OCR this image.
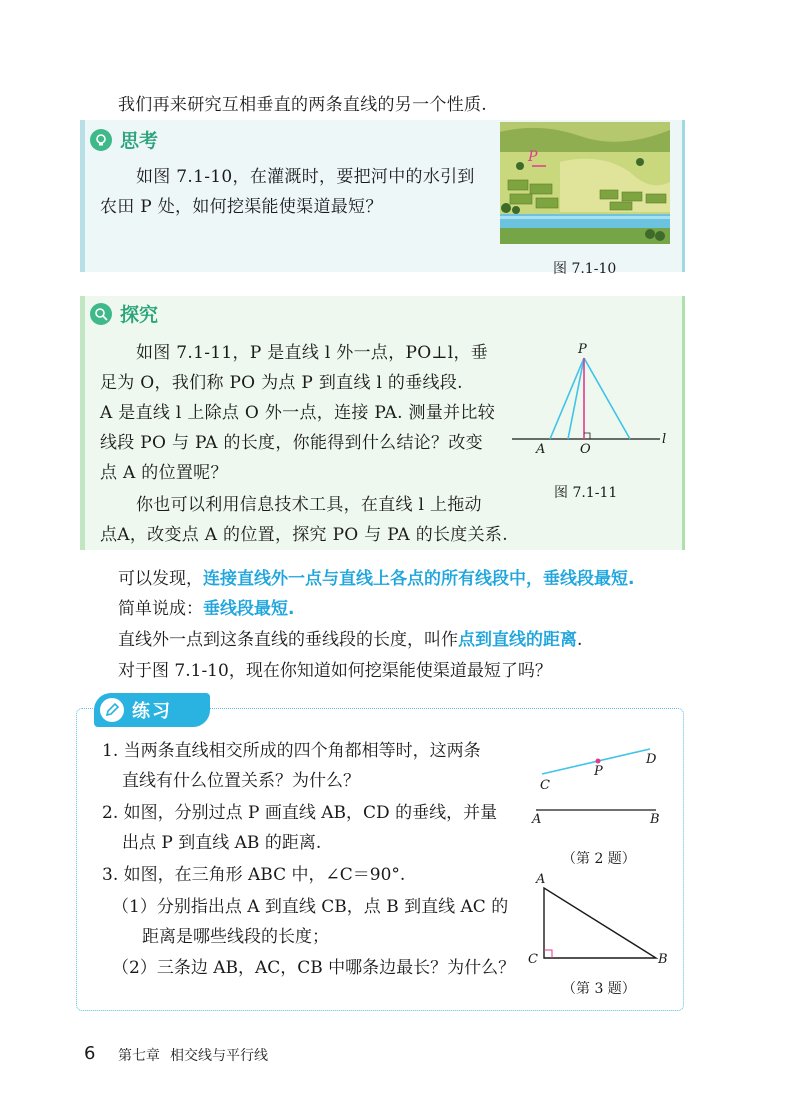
我们再来研究互相垂直的两条直线的另一个性质.
思考
如图 7.1-10，在灌溉时，要把河中的水引到
农田 P 处，如何挖渠能使渠道最短？
P
图 7.1-10
探究
如图 7.1-11，P 是直线 l 外一点，PO⊥l，垂
足为 O，我们称 PO 为点 P 到直线 l 的垂线段.
A 是直线 l 上除点 O 外一点，连接 PA. 测量并比较
线段 PO 与 PA 的长度，你能得到什么结论？改变
点 A 的位置呢？
你也可以利用信息技术工具，在直线 l 上拖动
点A，改变点 A 的位置，探究 PO 与 PA 的长度关系.
P
A	O
l
图 7.1-11
可以发现，连接直线外一点与直线上各点的所有线段中，垂线段最短.
简单说成：垂线段最短.
直线外一点到这条直线的垂线段的长度，叫作点到直线的距离.
对于图 7.1-10，现在你知道如何挖渠能使渠道最短了吗？
练习
1. 当两条直线相交所成的四个角都相等时，这两条
直线有什么位置关系？为什么？
2. 如图，分别过点 P 画直线 AB，CD 的垂线，并量
出点 P 到直线 AB 的距离.
3. 如图，在三角形 ABC 中，∠C＝90°.
（1）分别指出点 A 到直线 CB，点 B 到直线 AC 的
距离是哪些线段的长度；
（2）三条边 AB，AC，CB 中哪条边最长？为什么？
P
C
D
A	B
（第 2 题）
A
C	B
（第 3 题）
6 第七章 相交线与平行线
